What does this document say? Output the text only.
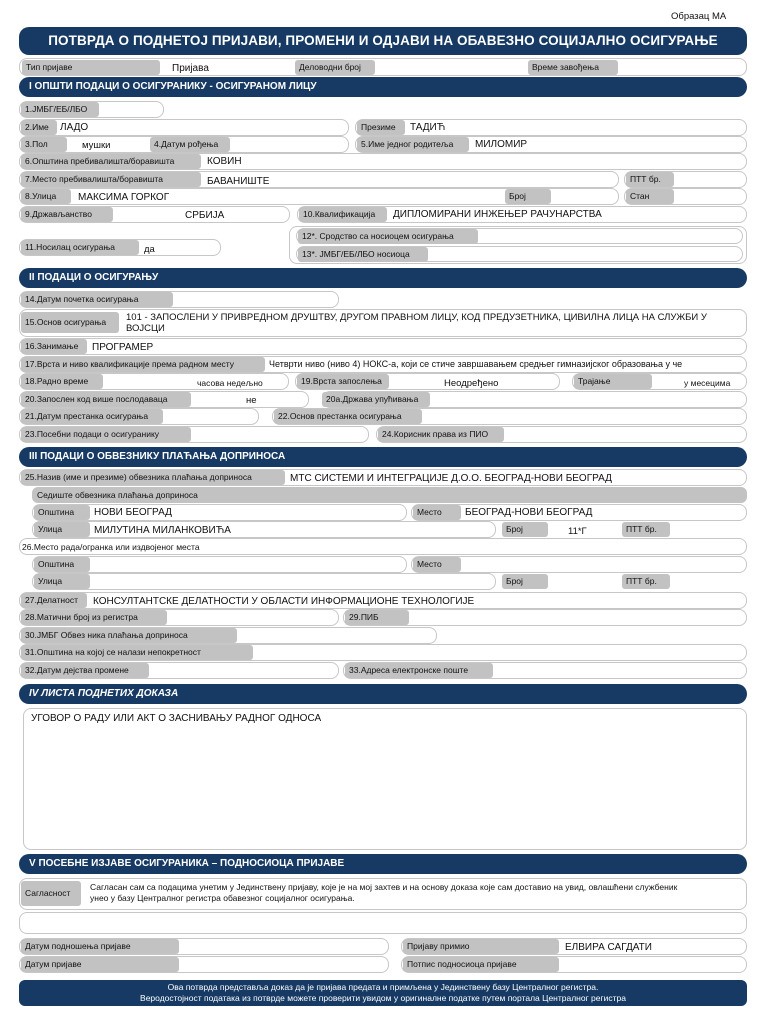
Образац МА
ПОТВРДА О ПОДНЕТОЈ ПРИЈАВИ, ПРОМЕНИ И ОДЈАВИ НА ОБАВЕЗНО СОЦИЈАЛНО ОСИГУРАЊЕ
Тип пријаве	Пријава	Деловодни број	Време завођења
I ОПШТИ ПОДАЦИ О ОСИГУРАНИКУ - ОСИГУРАНОМ ЛИЦУ
1.ЈМБГ/ЕБ/ЛБО
2.Име	ЛАДО	Презиме	ТАДИЋ
3.Пол	мушки	4.Датум рођења	5.Име једног родитеља	МИЛОМИР
6.Општина пребивалишта/боравишта	КОВИН
7.Место пребивалишта/боравишта	БАВАНИШТЕ	ПТТ бр.
8.Улица	МАКСИМА ГОРКОГ	Број	Стан
9.Држављанство	СРБИЈА	10.Квалификација	ДИПЛОМИРАНИ ИНЖЕЊЕР РАЧУНАРСТВА
11.Носилац осигурања	да
12*. Сродство са носиоцем осигурања
13*. ЈМБГ/ЕБ/ЛБО носиоца
II ПОДАЦИ О ОСИГУРАЊУ
14.Датум почетка осигурања
15.Основ осигурања	101 - ЗАПОСЛЕНИ У ПРИВРЕДНОМ ДРУШТВУ, ДРУГОМ ПРАВНОМ ЛИЦУ, КОД ПРЕДУЗЕТНИКА, ЦИВИЛНА ЛИЦА НА СЛУЖБИ У ВОЈСЦИ
16.Занимање	ПРОГРАМЕР
17.Врста и ниво квалификације према радном месту	Четврти ниво (ниво 4) НОКС-а, који се стиче завршавањем средњег гимназијског образовања у че
18.Радно време	часова недељно	19.Врста запослења	Неодређено	Трајање	у месецима
20.Запослен код више послодаваца	не	20а.Држава упућивања
21.Датум престанка осигурања	22.Основ престанка осигурања
23.Посебни подаци о осигуранику	24.Корисник права из ПИО
III ПОДАЦИ О ОБВЕЗНИКУ ПЛАЋАЊА ДОПРИНОСА
25.Назив (име и презиме) обвезника плаћања доприноса	МТС СИСТЕМИ И ИНТЕГРАЦИЈЕ Д.О.О. БЕОГРАД-НОВИ БЕОГРАД
Седиште обвезника плаћања доприноса
Општина	НОВИ БЕОГРАД	Место	БЕОГРАД-НОВИ БЕОГРАД
Улица	МИЛУТИНА МИЛАНКОВИЋА	Број	11*Г	ПТТ бр.
26.Место рада/огранка или издвојеног места
Општина	Место
Улица	Број	ПТТ бр.
27.Делатност	КОНСУЛТАНТСКЕ ДЕЛАТНОСТИ У ОБЛАСТИ ИНФОРМАЦИОНЕ ТЕХНОЛОГИЈЕ
28.Матични број из регистра	29.ПИБ
30.ЈМБГ Обвез ника плаћања доприноса
31.Општина на којој се налази непокретност
32.Датум дејства промене	33.Адреса електронске поште
IV ЛИСТА ПОДНЕТИХ ДОКАЗА
УГОВОР О РАДУ ИЛИ АКТ О ЗАСНИВАЊУ РАДНОГ ОДНОСА
V ПОСЕБНЕ ИЗЈАВЕ ОСИГУРАНИКА – ПОДНОСИОЦА ПРИЈАВЕ
Сагласност
Сагласан сам са подацима унетим у Јединствену пријаву, које је на мој захтев и на основу доказа које сам доставио на увид, овлашћени службеник
унео у базу Централног регистра обавезног социјалног осигурања.
Датум подношења пријаве	Пријаву примио	ЕЛВИРА САГДАТИ
Датум пријаве	Потпис подносиоца пријаве
Ова потврда представља доказ да је пријава предата и примљена у Јединствену базу Централног регистра.
Веродостојност података из потврде можете проверити увидом у оригиналне податке путем портала Централног регистра
